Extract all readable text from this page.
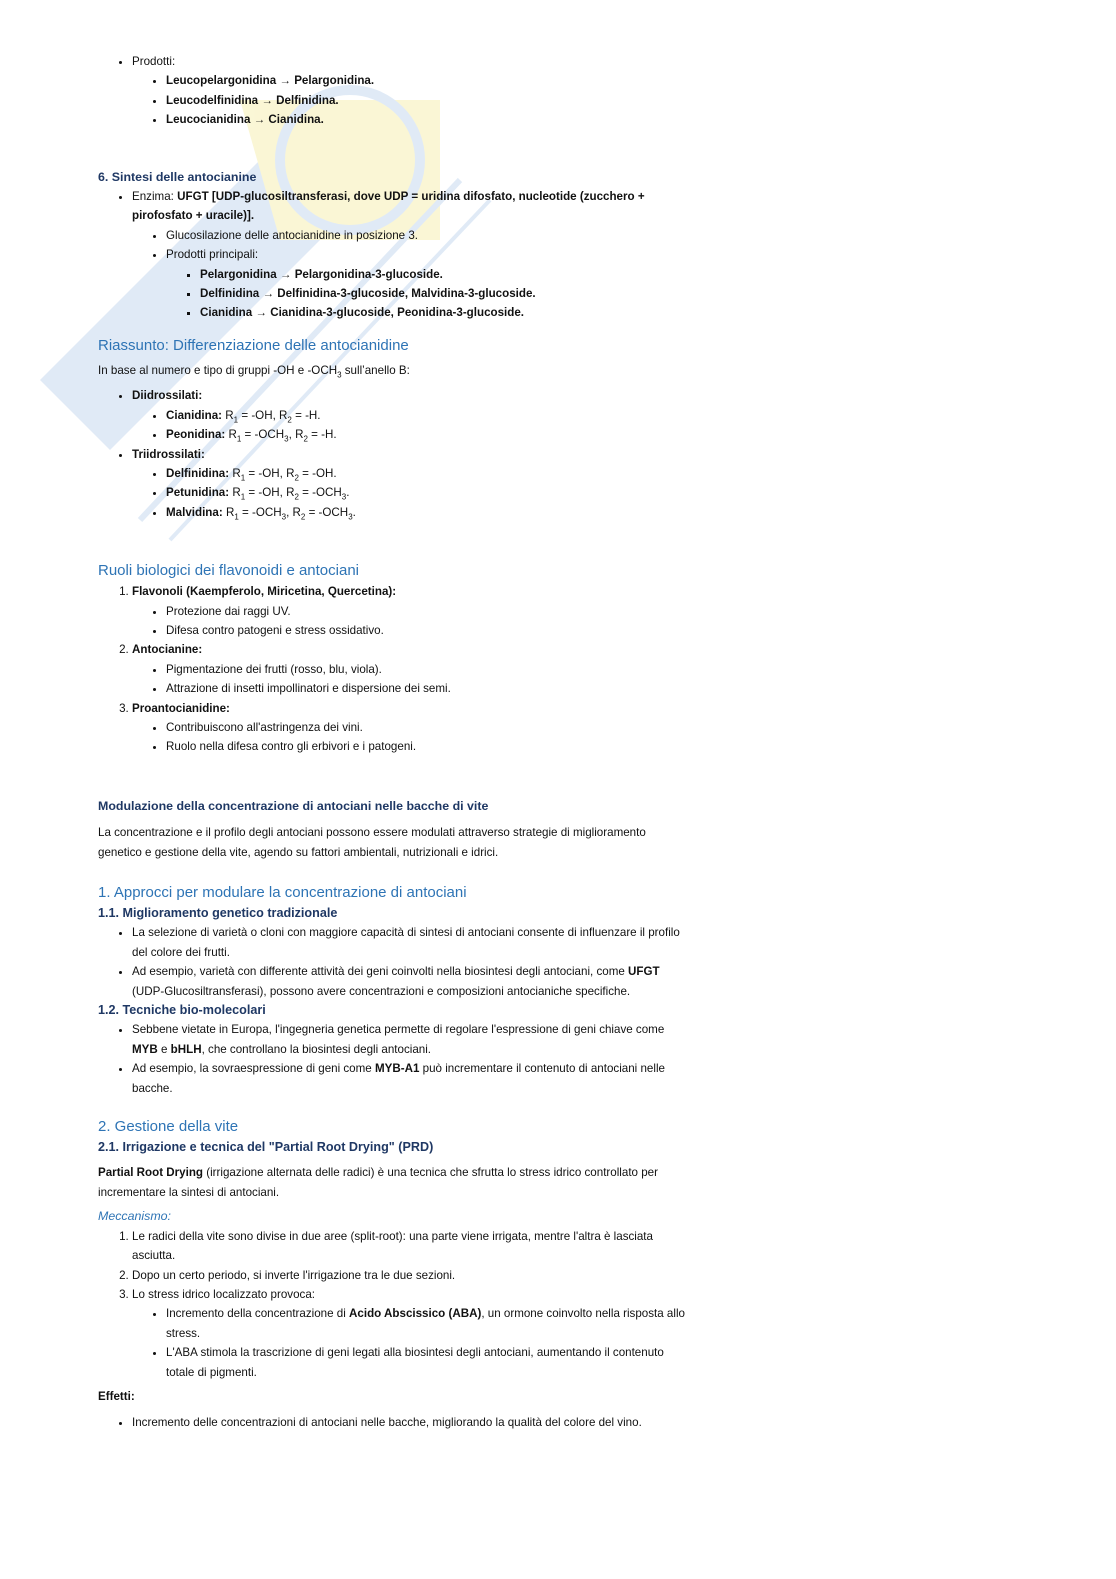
• Prodotti:
• Leucopelargonidina → Pelargonidina.
• Leucodelfinidina → Delfinidina.
• Leucocianidina → Cianidina.

6. Sintesi delle antocianine

• Enzima: UFGT [UDP-glucosiltransferasi, dove UDP = uridina difosfato, nucleotide (zucchero + pirofosfato + uracile)].
• Glucosilazione delle antocianidine in posizione 3.
• Prodotti principali:
▪ Pelargonidina → Pelargonidina-3-glucoside.
▪ Delfinidina → Delfinidina-3-glucoside, Malvidina-3-glucoside.
▪ Cianidina → Cianidina-3-glucoside, Peonidina-3-glucoside.

Riassunto: Differenziazione delle antocianidine

In base al numero e tipo di gruppi -OH e $-OCH_3$ sull’anello B:

• Diidrossilati:
• Cianidina: $R_1 = -OH$, $R_2 = -H$.
• Peonidina: $R_1 = -OCH_3$, $R_2 = -H$.
• Triidrossilati:
• Delfinidina: $R_1 = -OH$, $R_2 = -OH$.
• Petunidina: $R_1 = -OH$, $R_2 = -OCH_3$.
• Malvidina: $R_1 = -OCH_3$, $R_2 = -OCH_3$.

Ruoli biologici dei flavonoidi e antociani

1. Flavonoli (Kaempferolo, Miricetina, Quercetina):
• Protezione dai raggi UV.
• Difesa contro patogeni e stress ossidativo.
2. Antocianine:
• Pigmentazione dei frutti (rosso, blu, viola).
• Attrazione di insetti impollinatori e dispersione dei semi.
3. Proantocianidine:
• Contribuiscono all'astringenza dei vini.
• Ruolo nella difesa contro gli erbivori e i patogeni.

Modulazione della concentrazione di antociani nelle bacche di vite

La concentrazione e il profilo degli antociani possono essere modulati attraverso strategie di miglioramento genetico e gestione della vite, agendo su fattori ambientali, nutrizionali e idrici.

1. Approcci per modulare la concentrazione di antociani

1.1. Miglioramento genetico tradizionale

• La selezione di varietà o cloni con maggiore capacità di sintesi di antociani consente di influenzare il profilo del colore dei frutti.
• Ad esempio, varietà con differente attività dei geni coinvolti nella biosintesi degli antociani, come UFGT (UDP-Glucosiltransferasi), possono avere concentrazioni e composizioni antocianiche specifiche.

1.2. Tecniche bio-molecolari

• Sebbene vietate in Europa, l'ingegneria genetica permette di regolare l'espressione di geni chiave come MYB e bHLH, che controllano la biosintesi degli antociani.
• Ad esempio, la sovraespressione di geni come MYB-A1 può incrementare il contenuto di antociani nelle bacche.

2. Gestione della vite

2.1. Irrigazione e tecnica del "Partial Root Drying" (PRD)

Partial Root Drying (irrigazione alternata delle radici) è una tecnica che sfrutta lo stress idrico controllato per incrementare la sintesi di antociani.

Meccanismo:

1. Le radici della vite sono divise in due aree (split-root): una parte viene irrigata, mentre l'altra è lasciata asciutta.
2. Dopo un certo periodo, si inverte l'irrigazione tra le due sezioni.
3. Lo stress idrico localizzato provoca:
• Incremento della concentrazione di Acido Abscissico (ABA), un ormone coinvolto nella risposta allo stress.
• L'ABA stimola la trascrizione di geni legati alla biosintesi degli antociani, aumentando il contenuto totale di pigmenti.

Effetti:

• Incremento delle concentrazioni di antociani nelle bacche, migliorando la qualità del colore del vino.
